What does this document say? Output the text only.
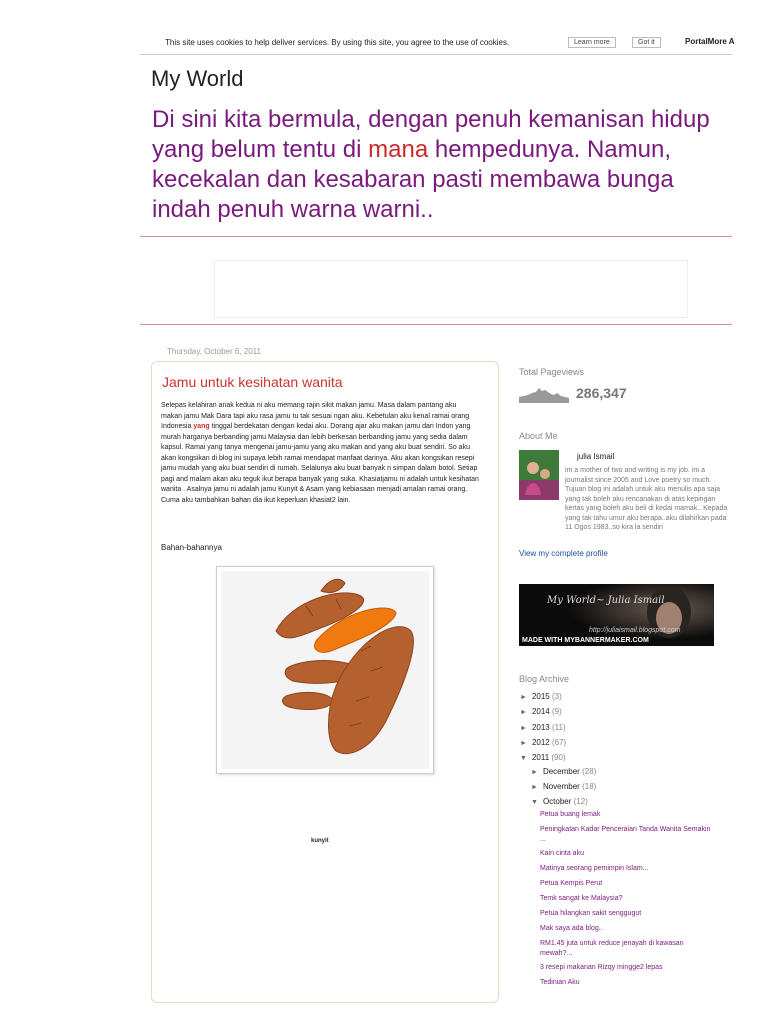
This site uses cookies to help deliver services. By using this site, you agree to the use of cookies.	Learn more	Got it	PortalMore A
My World
Di sini kita bermula, dengan penuh kemanisan hidup yang belum tentu di mana hempedunya. Namun, kecekalan dan kesabaran pasti membawa bunga indah penuh warna warni..
Thursday, October 6, 2011
Jamu untuk kesihatan wanita
Selepas kelahiran anak kedua ni aku memang rajin sikit makan jamu. Masa dalam pantang aku makan jamu Mak Dara tapi aku rasa jamu tu tak sesuai ngan aku. Kebetulan aku kenal ramai orang Indonesia yang tinggal berdekatan dengan kedai aku. Dorang ajar aku makan jamu dari Indon yang murah harganya berbanding jamu Malaysia dan lebih berkesan berbanding jamu yang sedia dalam kapsul. Ramai yang tanya mengenai jamu-jamu yang aku makan and yang aku buat sendiri. So aku akan kongsikan di blog ini supaya lebih ramai mendapat manfaat darinya. Aku akan kongsikan resepi jamu mudah yang aku buat sendiri di rumah. Selalunya aku buat banyak n simpan dalam botol. Setiap pagi and malam akan aku teguk ikut berapa banyak yang suka. Khasiatjamu ni adalah untuk kesihatan wanita . Asalnya jamu ni adalah jamu Kunyit & Asam yang kebiasaan menjadi amalan ramai orang. Cuma aku tambahkan bahan dia ikut keperluan khasiat2 lain.
Bahan-bahannya
kunyit
Total Pageviews
286,347
About Me
julia Ismail
im a mother of two and writing is my job. im a journalist since 2005 and Love poetry so much. Tujuan blog ini adalah untuk aku menulis apa saja yang tak boleh aku rencanakan di atas kepingan kertas yang boleh aku beli di kedai mamak.. Kepada yang tak tahu umur aku berapa..aku dilahirkan pada 11 Ogos 1983..so kira la sendiri
View my complete profile
My World~ Julia Ismail
http://juliaismail.blogspot.com
MADE WITH MYBANNERMAKER.COM
Blog Archive
► 2015 (3)
► 2014 (9)
► 2013 (11)
► 2012 (67)
▼ 2011 (90)
► December (28)
► November (18)
▼ October (12)
Petua buang lemak
Peningkatan Kadar Penceraian Tanda Wanita Semakin ...
Kain cinta aku
Matinya seorang pemimpin Islam...
Petua Kempis Perut
Temk sangat ke Malaysia?
Petua hilangkan sakit senggugut
Mak saya ada blog..
RM1.45 juta untuk reduce jenayah di kawasan mewah?...
3 resepi makanan Rizqy mingge2 lepas
Tedinian Aku
